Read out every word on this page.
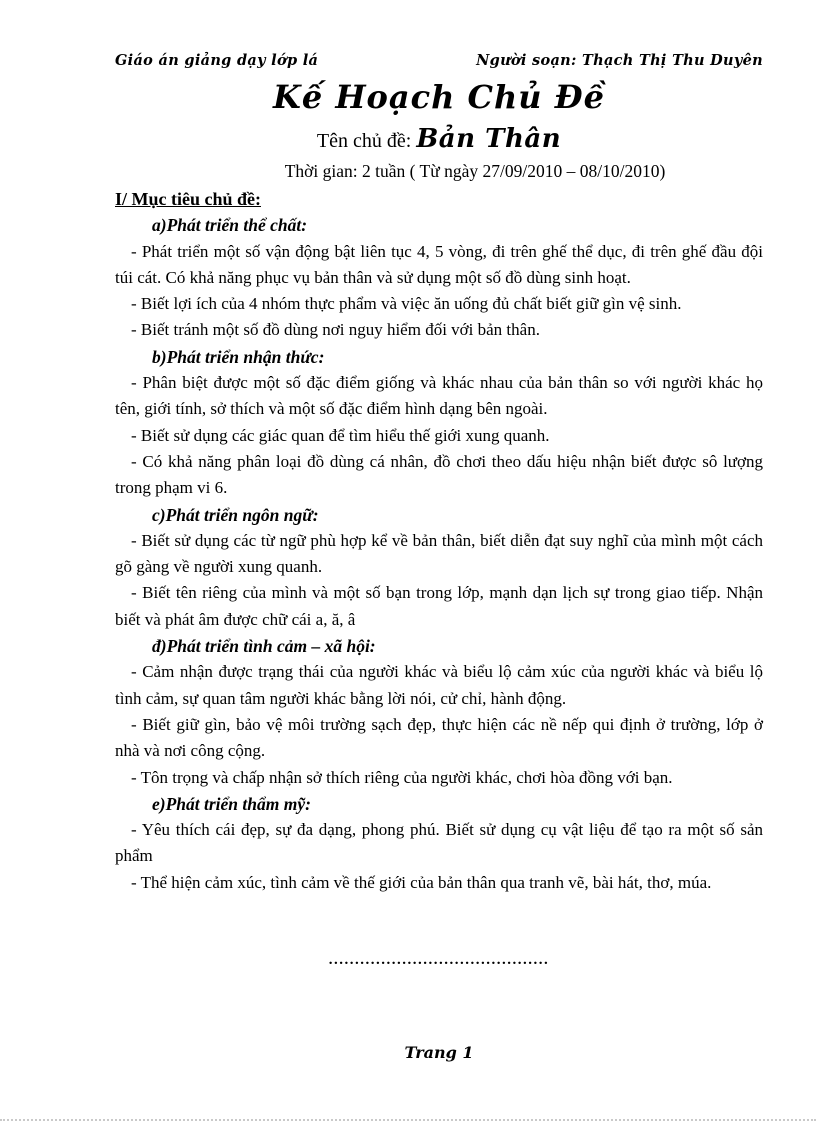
Giáo án giảng dạy lớp lá	Người soạn: Thạch Thị Thu Duyên
Kế Hoạch Chủ Đề
Tên chủ đề: Bản Thân
Thời gian: 2 tuần ( Từ ngày 27/09/2010 – 08/10/2010)
I/ Mục tiêu chủ đề:
a)Phát triển thể chất:
- Phát triển một số vận động bật liên tục 4, 5 vòng, đi trên ghế thể dục, đi trên ghế đầu đội túi cát. Có khả năng phục vụ bản thân và sử dụng một số đồ dùng sinh hoạt.
- Biết lợi ích của 4 nhóm thực phẩm và việc ăn uống đủ chất biết giữ gìn vệ sinh.
- Biết tránh một số đồ dùng nơi nguy hiểm đối với bản thân.
b)Phát triển nhận thức:
- Phân biệt được một số đặc điểm giống và khác nhau của bản thân so với người khác họ tên, giới tính, sở thích và một số đặc điểm hình dạng bên ngoài.
- Biết sử dụng các giác quan để tìm hiểu thế giới xung quanh.
- Có khả năng phân loại đồ dùng cá nhân, đồ chơi theo dấu hiệu nhận biết được sô lượng trong phạm vi 6.
c)Phát triển ngôn ngữ:
- Biết sử dụng các từ ngữ phù hợp kể về bản thân, biết diễn đạt suy nghĩ của mình một cách gõ gàng về người xung quanh.
- Biết tên riêng của mình và một số bạn trong lớp, mạnh dạn lịch sự trong giao tiếp. Nhận biết và phát âm được chữ cái a, ă, â
đ)Phát triển tình cảm – xã hội:
- Cảm nhận được trạng thái của người khác và biểu lộ cảm xúc của người khác và biểu lộ tình cảm, sự quan tâm người khác bằng lời nói, cử chỉ, hành động.
- Biết giữ gìn, bảo vệ môi trường sạch đẹp, thực hiện các nề nếp qui định ở trường, lớp ở nhà và nơi công cộng.
- Tôn trọng và chấp nhận sở thích riêng của người khác, chơi hòa đồng với bạn.
e)Phát triển thẩm mỹ:
- Yêu thích cái đẹp, sự đa dạng, phong phú. Biết sử dụng cụ vật liệu để tạo ra một số sản phẩm
- Thể hiện cảm xúc, tình cảm về thế giới của bản thân qua tranh vẽ, bài hát, thơ, múa.
..........................................
Trang 1
